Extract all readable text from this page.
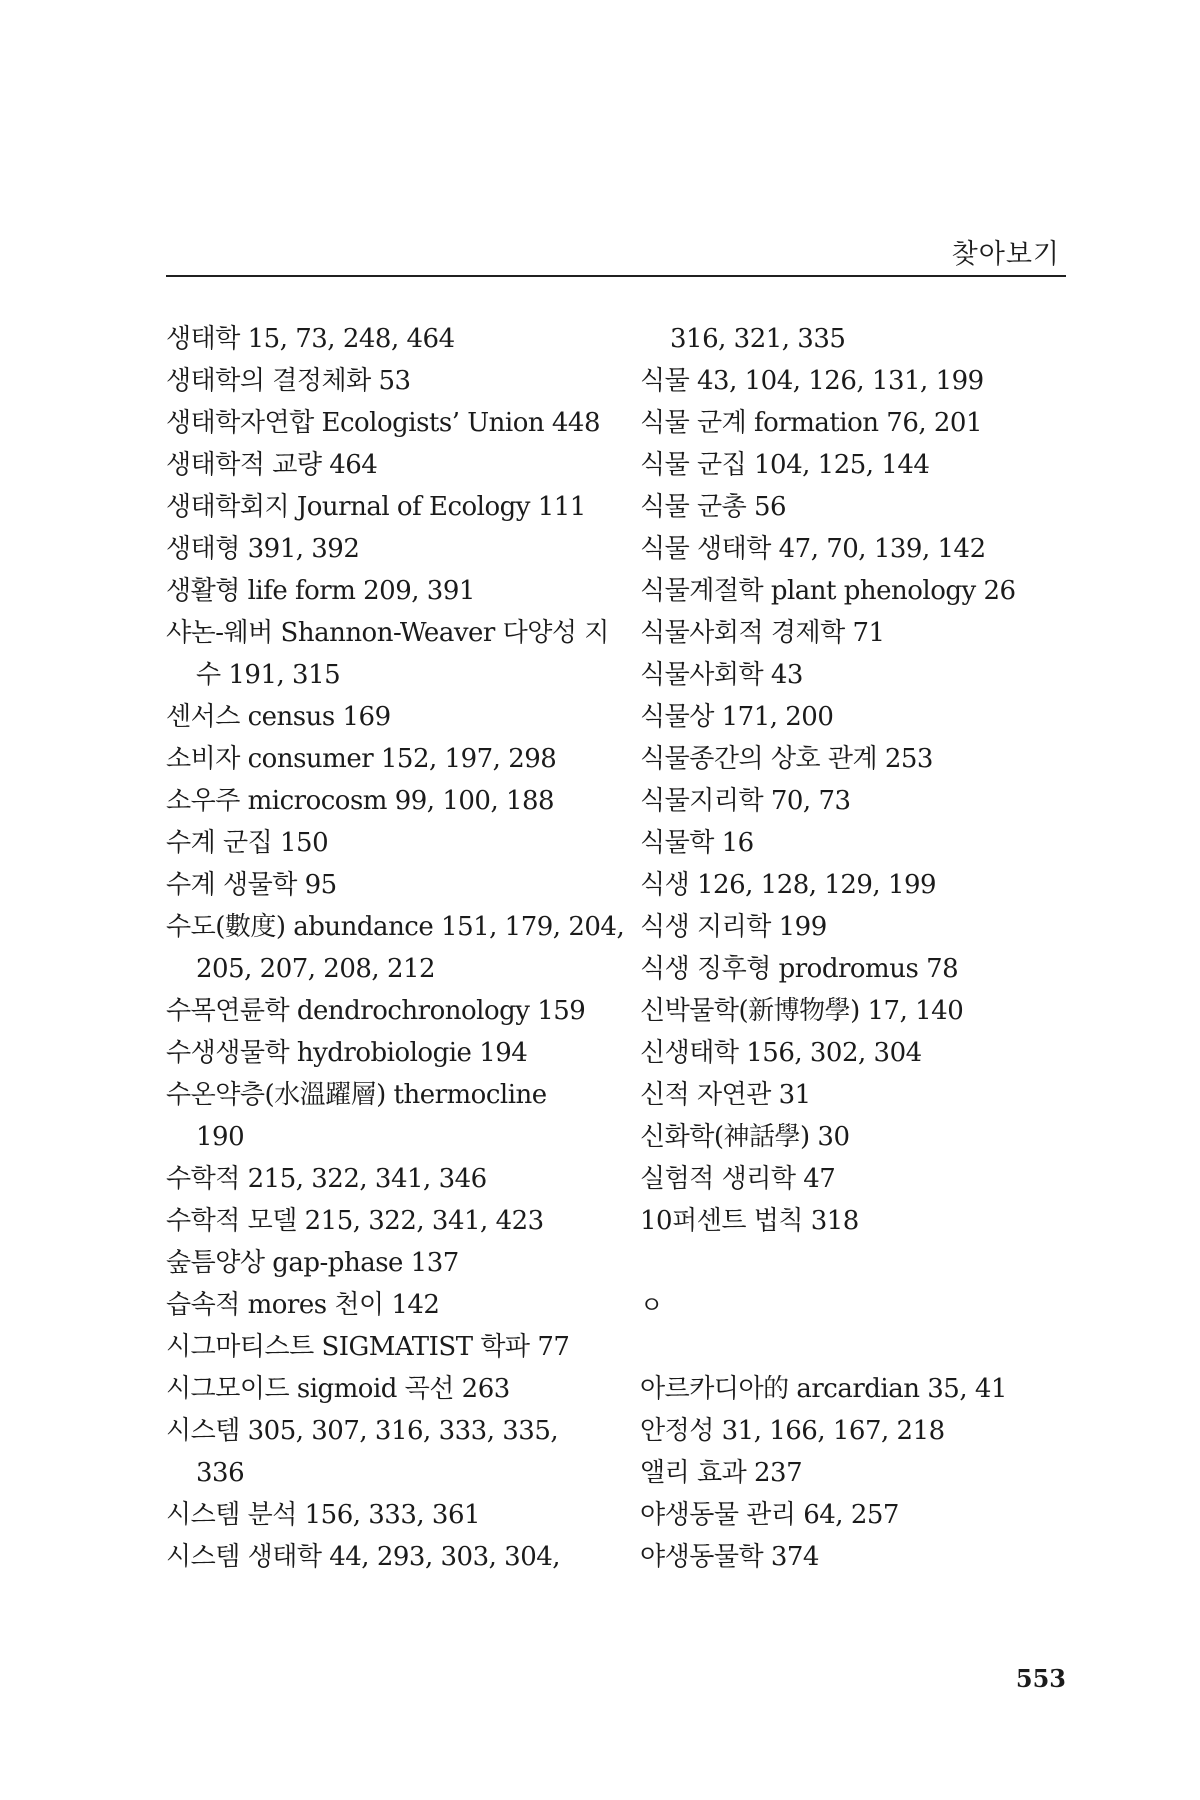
찾아보기
생태학 15, 73, 248, 464
생태학의 결정체화 53
생태학자연합 Ecologists’ Union 448
생태학적 교량 464
생태학회지 Journal of Ecology 111
생태형 391, 392
생활형 life form 209, 391
샤논-웨버 Shannon-Weaver 다양성 지
수 191, 315
센서스 census 169
소비자 consumer 152, 197, 298
소우주 microcosm 99, 100, 188
수계 군집 150
수계 생물학 95
수도(數度) abundance 151, 179, 204,
205, 207, 208, 212
수목연륜학 dendrochronology 159
수생생물학 hydrobiologie 194
수온약층(水溫躍層) thermocline
190
수학적 215, 322, 341, 346
수학적 모델 215, 322, 341, 423
숲틈양상 gap-phase 137
습속적 mores 천이 142
시그마티스트 SIGMATIST 학파 77
시그모이드 sigmoid 곡선 263
시스템 305, 307, 316, 333, 335,
336
시스템 분석 156, 333, 361
시스템 생태학 44, 293, 303, 304,
316, 321, 335
식물 43, 104, 126, 131, 199
식물 군계 formation 76, 201
식물 군집 104, 125, 144
식물 군총 56
식물 생태학 47, 70, 139, 142
식물계절학 plant phenology 26
식물사회적 경제학 71
식물사회학 43
식물상 171, 200
식물종간의 상호 관계 253
식물지리학 70, 73
식물학 16
식생 126, 128, 129, 199
식생 지리학 199
식생 징후형 prodromus 78
신박물학(新博物學) 17, 140
신생태학 156, 302, 304
신적 자연관 31
신화학(神話學) 30
실험적 생리학 47
10퍼센트 법칙 318
ㅇ
아르카디아的 arcardian 35, 41
안정성 31, 166, 167, 218
앨리 효과 237
야생동물 관리 64, 257
야생동물학 374
553
